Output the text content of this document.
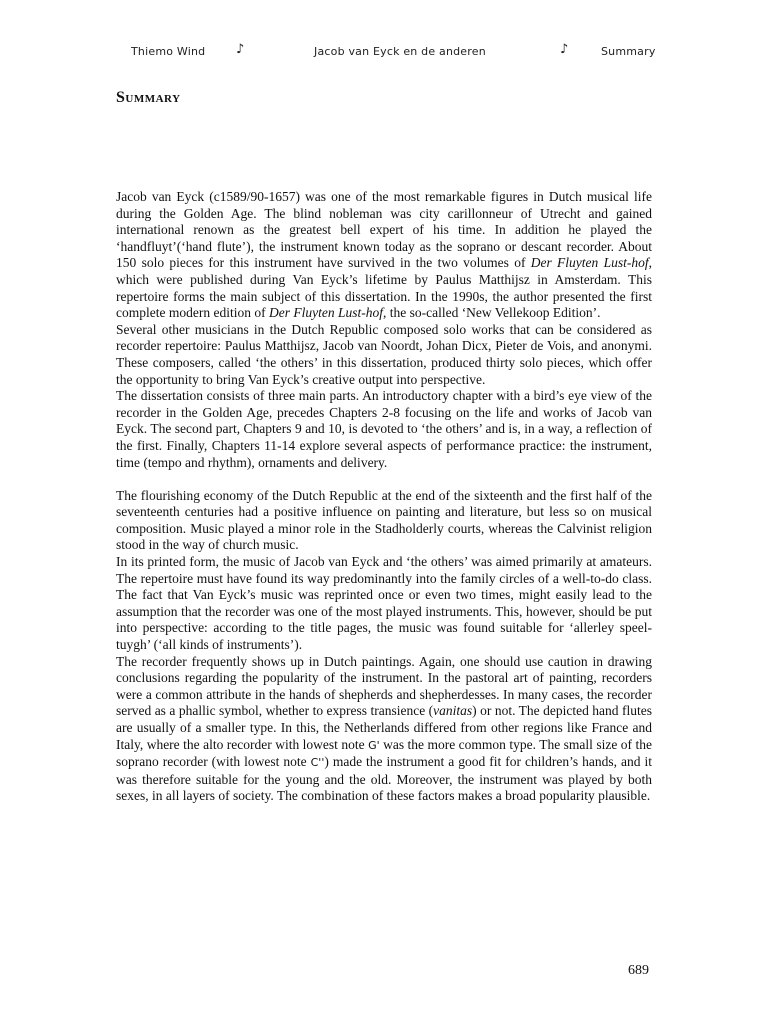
Thiemo Wind ♪	Jacob van Eyck en de anderen	♪	Summary
Summary

Jacob van Eyck (c1589/90-1657) was one of the most remarkable figures in Dutch musical life during the Golden Age. The blind nobleman was city carillonneur of Utrecht and gained international renown as the greatest bell expert of his time. In addition he played the ‘handfluyt’(‘hand flute’), the instrument known today as the soprano or descant recorder. About 150 solo pieces for this instrument have survived in the two volumes of Der Fluyten Lust-hof, which were published during Van Eyck’s lifetime by Paulus Matthijsz in Amsterdam. This repertoire forms the main subject of this dissertation. In the 1990s, the author presented the first complete modern edition of Der Fluyten Lust-hof, the so-called ‘New Vellekoop Edition’.

Several other musicians in the Dutch Republic composed solo works that can be considered as recorder repertoire: Paulus Matthijsz, Jacob van Noordt, Johan Dicx, Pieter de Vois, and anonymi. These composers, called ‘the others’ in this dissertation, produced thirty solo pieces, which offer the opportunity to bring Van Eyck’s creative output into perspective.

The dissertation consists of three main parts. An introductory chapter with a bird’s eye view of the recorder in the Golden Age, precedes Chapters 2-8 focusing on the life and works of Jacob van Eyck. The second part, Chapters 9 and 10, is devoted to ‘the others’ and is, in a way, a reflection of the first. Finally, Chapters 11-14 explore several aspects of performance practice: the instrument, time (tempo and rhythm), ornaments and delivery.

The flourishing economy of the Dutch Republic at the end of the sixteenth and the first half of the seventeenth centuries had a positive influence on painting and literature, but less so on musical composition. Music played a minor role in the Stadholderly courts, whereas the Calvinist religion stood in the way of church music.

In its printed form, the music of Jacob van Eyck and ‘the others’ was aimed primarily at amateurs. The repertoire must have found its way predominantly into the family circles of a well-to-do class. The fact that Van Eyck’s music was reprinted once or even two times, might easily lead to the assumption that the recorder was one of the most played instruments. This, however, should be put into perspective: according to the title pages, the music was found suitable for ‘allerley speel-tuygh’ (‘all kinds of instruments’).

The recorder frequently shows up in Dutch paintings. Again, one should use caution in drawing conclusions regarding the popularity of the instrument. In the pastoral art of painting, recorders were a common attribute in the hands of shepherds and shepherdesses. In many cases, the recorder served as a phallic symbol, whether to express transience (vanitas) or not. The depicted hand flutes are usually of a smaller type. In this, the Netherlands differed from other regions like France and Italy, where the alto recorder with lowest note G' was the more common type. The small size of the soprano recorder (with lowest note C'') made the instrument a good fit for children’s hands, and it was therefore suitable for the young and the old. Moreover, the instrument was played by both sexes, in all layers of society. The combination of these factors makes a broad popularity plausible.

689
